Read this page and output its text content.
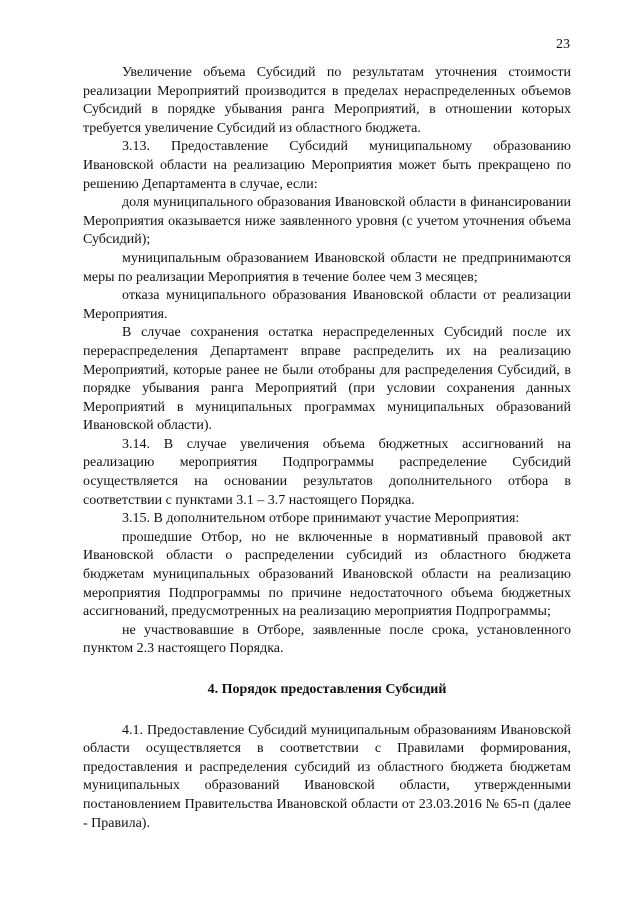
23

Увеличение объема Субсидий по результатам уточнения стоимости реализации Мероприятий производится в пределах нераспределенных объемов Субсидий в порядке убывания ранга Мероприятий, в отношении которых требуется увеличение Субсидий из областного бюджета.

3.13. Предоставление Субсидий муниципальному образованию Ивановской области на реализацию Мероприятия может быть прекращено по решению Департамента в случае, если:

доля муниципального образования Ивановской области в финансировании Мероприятия оказывается ниже заявленного уровня (с учетом уточнения объема Субсидий);

муниципальным образованием Ивановской области не предпринимаются меры по реализации Мероприятия в течение более чем 3 месяцев;

отказа муниципального образования Ивановской области от реализации Мероприятия.

В случае сохранения остатка нераспределенных Субсидий после их перераспределения Департамент вправе распределить их на реализацию Мероприятий, которые ранее не были отобраны для распределения Субсидий, в порядке убывания ранга Мероприятий (при условии сохранения данных Мероприятий в муниципальных программах муниципальных образований Ивановской области).

3.14. В случае увеличения объема бюджетных ассигнований на реализацию мероприятия Подпрограммы распределение Субсидий осуществляется на основании результатов дополнительного отбора в соответствии с пунктами 3.1 – 3.7 настоящего Порядка.

3.15. В дополнительном отборе принимают участие Мероприятия:

прошедшие Отбор, но не включенные в нормативный правовой акт Ивановской области о распределении субсидий из областного бюджета бюджетам муниципальных образований Ивановской области на реализацию мероприятия Подпрограммы по причине недостаточного объема бюджетных ассигнований, предусмотренных на реализацию мероприятия Подпрограммы;

не участвовавшие в Отборе, заявленные после срока, установленного пунктом 2.3 настоящего Порядка.

4. Порядок предоставления Субсидий

4.1. Предоставление Субсидий муниципальным образованиям Ивановской области осуществляется в соответствии с Правилами формирования, предоставления и распределения субсидий из областного бюджета бюджетам муниципальных образований Ивановской области, утвержденными постановлением Правительства Ивановской области от 23.03.2016 № 65-п (далее - Правила).
